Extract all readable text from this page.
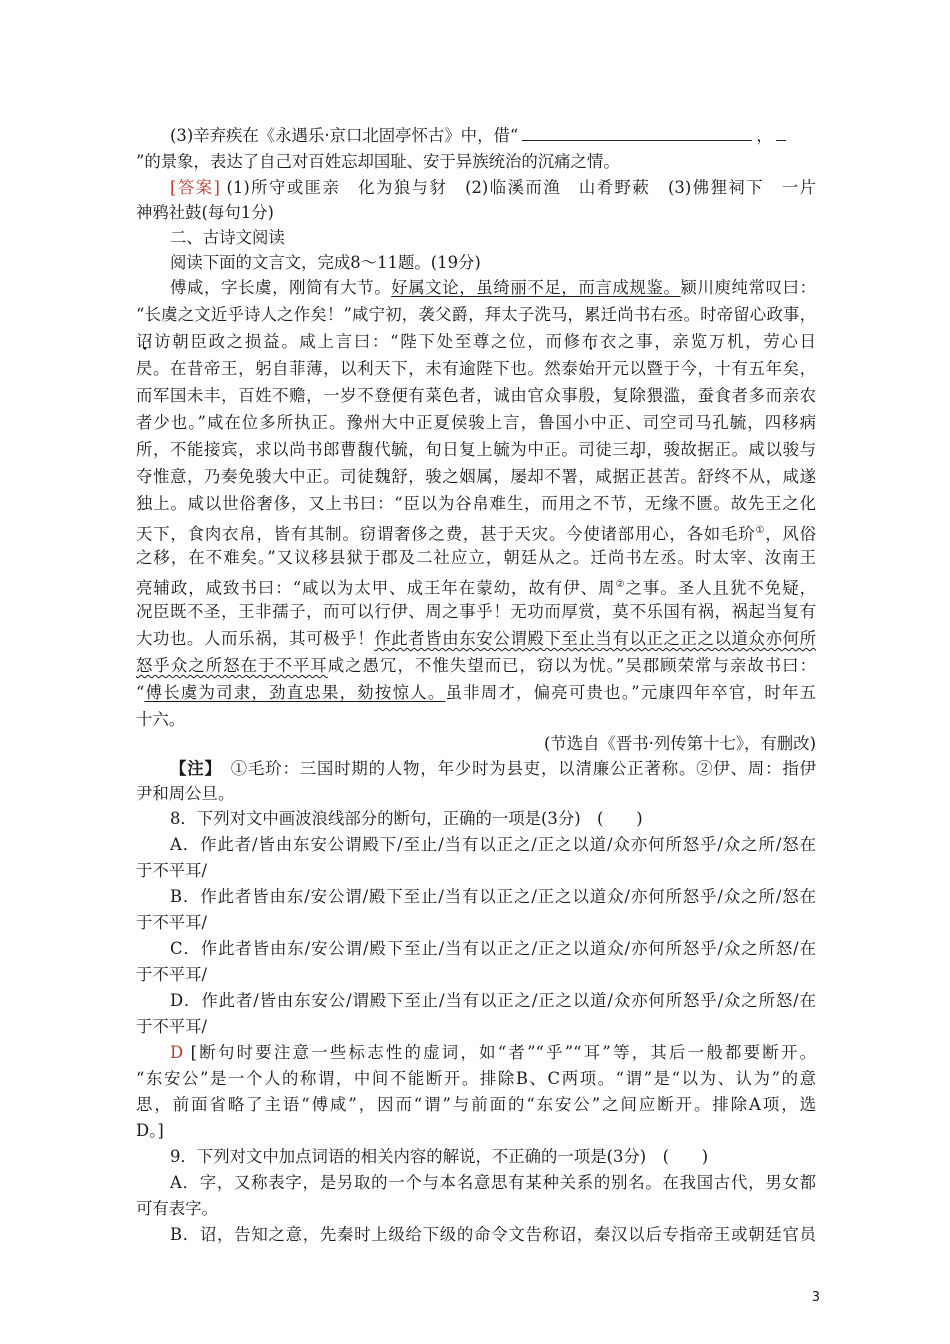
(3)辛弃疾在《永遇乐·京口北固亭怀古》中，借“	，
”的景象，表达了自己对百姓忘却国耻、安于异族统治的沉痛之情。
[答案] (1)所守或匪亲　化为狼与豺　(2)临溪而渔　山肴野蔌　(3)佛狸祠下　一片
神鸦社鼓(每句1分)
二、古诗文阅读
阅读下面的文言文，完成8～11题。(19分)
傅咸，字长虞，刚简有大节。好属文论，虽绮丽不足，而言成规鉴。颍川庾纯常叹曰：
“长虞之文近乎诗人之作矣！”咸宁初，袭父爵，拜太子洗马，累迁尚书右丞。时帝留心政事，
诏访朝臣政之损益。咸上言曰：“陛下处至尊之位，而修布衣之事，亲览万机，劳心日
昃。在昔帝王，躬自菲薄，以利天下，未有逾陛下也。然泰始开元以暨于今，十有五年矣，
而军国未丰，百姓不赡，一岁不登便有菜色者，诚由官众事殷，复除猥滥，蚕食者多而亲农
者少也。”咸在位多所执正。豫州大中正夏侯骏上言，鲁国小中正、司空司马孔毓，四移病
所，不能接宾，求以尚书郎曹馥代毓，旬日复上毓为中正。司徒三却，骏故据正。咸以骏与
夺惟意，乃奏免骏大中正。司徒魏舒，骏之姻属，屡却不署，咸据正甚苦。舒终不从，咸遂
独上。咸以世俗奢侈，又上书曰：“臣以为谷帛难生，而用之不节，无缘不匮。故先王之化
天下，食肉衣帛，皆有其制。窃谓奢侈之费，甚于天灾。今使诸部用心，各如毛玠①，风俗
之移，在不难矣。”又议移县狱于郡及二社应立，朝廷从之。迁尚书左丞。时太宰、汝南王
亮辅政，咸致书曰：“咸以为太甲、成王年在蒙幼，故有伊、周②之事。圣人且犹不免疑，
况臣既不圣，王非孺子，而可以行伊、周之事乎！无功而厚赏，莫不乐国有祸，祸起当复有
大功也。人而乐祸，其可极乎！作此者皆由东安公谓殿下至止当有以正之正之以道众亦何所
怒乎众之所怒在于不平耳咸之愚冗，不惟失望而已，窃以为忧。”吴郡顾荣常与亲故书曰：
“傅长虞为司隶，劲直忠果，劾按惊人。虽非周才，偏亮可贵也。”元康四年卒官，时年五
十六。
(节选自《晋书·列传第十七》，有删改)
【注】　 ①毛玠：三国时期的人物，年少时为县吏，以清廉公正著称。②伊、周：指伊
尹和周公旦。
8．下列对文中画波浪线部分的断句，正确的一项是(3分)　(　　)
A．作此者/皆由东安公谓殿下/至止/当有以正之/正之以道/众亦何所怒乎/众之所/怒在
于不平耳/
B．作此者皆由东/安公谓/殿下至止/当有以正之/正之以道众/亦何所怒乎/众之所/怒在
于不平耳/
C．作此者皆由东/安公谓/殿下至止/当有以正之/正之以道众/亦何所怒乎/众之所怒/在
于不平耳/
D．作此者/皆由东安公/谓殿下至止/当有以正之/正之以道/众亦何所怒乎/众之所怒/在
于不平耳/
D [断句时要注意一些标志性的虚词，如“者”“乎”“耳”等，其后一般都要断开。
“东安公”是一个人的称谓，中间不能断开。排除B、C两项。“谓”是“以为、认为”的意
思，前面省略了主语“傅咸”，因而“谓”与前面的“东安公”之间应断开。排除A项，选
D。]
9．下列对文中加点词语的相关内容的解说，不正确的一项是(3分)　(　　)
A．字，又称表字，是另取的一个与本名意思有某种关系的别名。在我国古代，男女都
可有表字。
B．诏，告知之意，先秦时上级给下级的命令文告称诏，秦汉以后专指帝王或朝廷官员
3
